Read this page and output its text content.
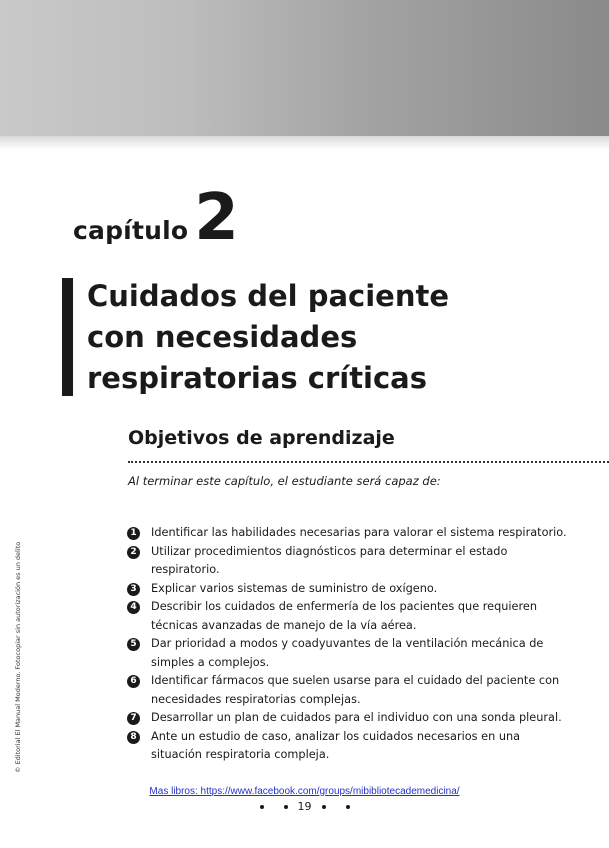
capítulo 2
Cuidados del paciente
con necesidades
respiratorias críticas
Objetivos de aprendizaje

Al terminar este capítulo, el estudiante será capaz de:

1 Identificar las habilidades necesarias para valorar el sistema respiratorio.
2 Utilizar procedimientos diagnósticos para determinar el estado respiratorio.
3 Explicar varios sistemas de suministro de oxígeno.
4 Describir los cuidados de enfermería de los pacientes que requieren técnicas avanzadas de manejo de la vía aérea.
5 Dar prioridad a modos y coadyuvantes de la ventilación mecánica de simples a complejos.
6 Identificar fármacos que suelen usarse para el cuidado del paciente con necesidades respiratorias complejas.
7 Desarrollar un plan de cuidados para el individuo con una sonda pleural.
8 Ante un estudio de caso, analizar los cuidados necesarios en una situación respiratoria compleja.
© Editorial El Manual Moderno. Fotocopiar sin autorización es un delito
Mas libros: https://www.facebook.com/groups/mibibliotecademedicina/
19
